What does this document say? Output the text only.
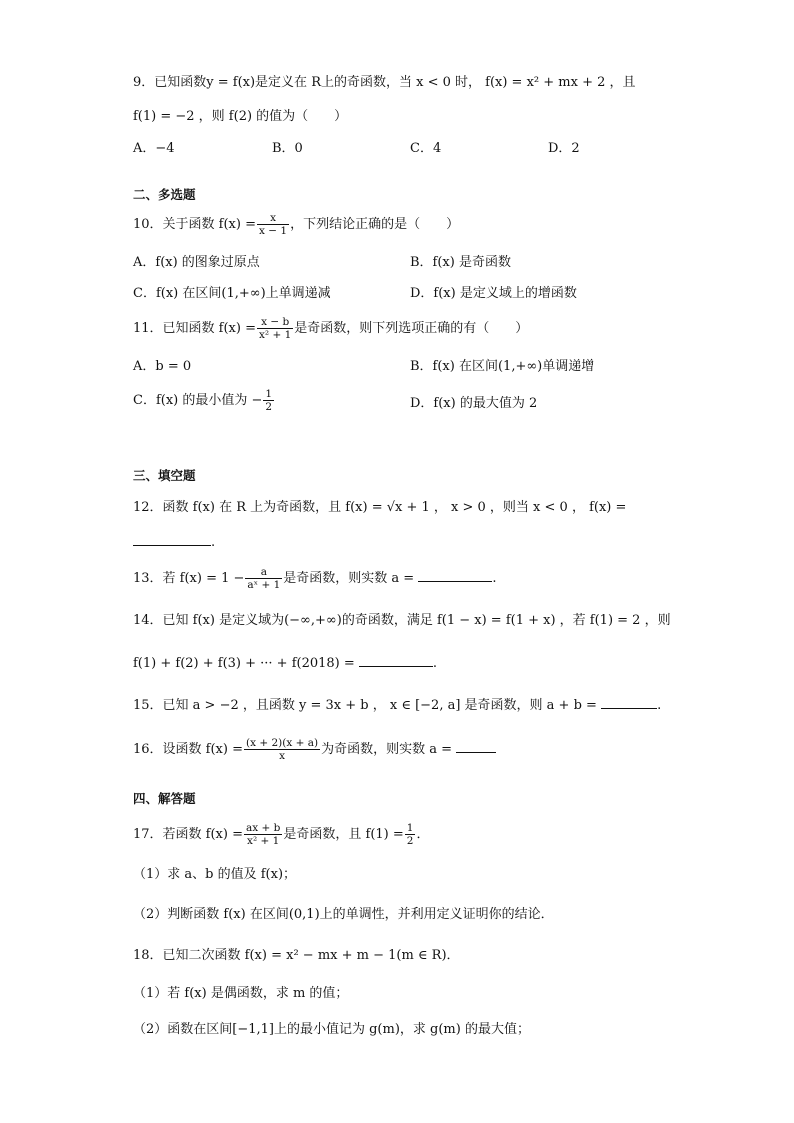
9．已知函数y = f(x)是定义在 R上的奇函数，当 x < 0 时， f(x) = x² + mx + 2 ，且
f(1) = −2 ，则 f(2) 的值为（　　）
A．−4	B．0	C．4	D．2
二、多选题
10．关于函数 $f(x) = \frac{x}{x - 1}$ ，下列结论正确的是（　　）
A．f(x) 的图象过原点	B．f(x) 是奇函数
C．f(x) 在区间(1,+∞)上单调递减	D．f(x) 是定义域上的增函数
11．已知函数 $f(x) = \frac{x - b}{\text{x² + 1}}$ 是奇函数，则下列选项正确的有（　　）
A．b = 0	B．f(x) 在区间(1,+∞)单调递增
C．f(x) 的最小值为 − $\frac{1}{2}$	D．f(x) 的最大值为 2
三、填空题
12．函数 f(x) 在 R 上为奇函数，且 f(x) = √x + 1 ， x > 0 ，则当 x < 0 ， f(x) =
.
13．若 $f(x) = 1 - \frac{a}{\text{aˣ + 1}}$ 是奇函数，则实数 a =	.
14．已知 f(x) 是定义域为(−∞,+∞)的奇函数，满足 f(1 − x) = f(1 + x) ，若 f(1) = 2 ，则
f(1) + f(2) + f(3) + ··· + f(2018) =	.
15．已知 a > −2 ，且函数 y = 3x + b ， x ∈ [−2, a] 是奇函数，则 a + b =	.
16．设函数 $f(x) = \frac{(x + 2)(x + a)}{x}$ 为奇函数，则实数 a =
四、解答题
17．若函数 $f(x) = \frac{ax + b}{\text{x² + 1}}$ 是奇函数，且 $f(1) = \frac{1}{2}$ ．
（1）求 a、b 的值及 f(x)；
（2）判断函数 f(x) 在区间(0,1)上的单调性，并利用定义证明你的结论．
18．已知二次函数 f(x) = x² − mx + m − 1(m ∈ R)．
（1）若 f(x) 是偶函数，求 m 的值；
（2）函数在区间[−1,1]上的最小值记为 g(m)，求 g(m) 的最大值；
